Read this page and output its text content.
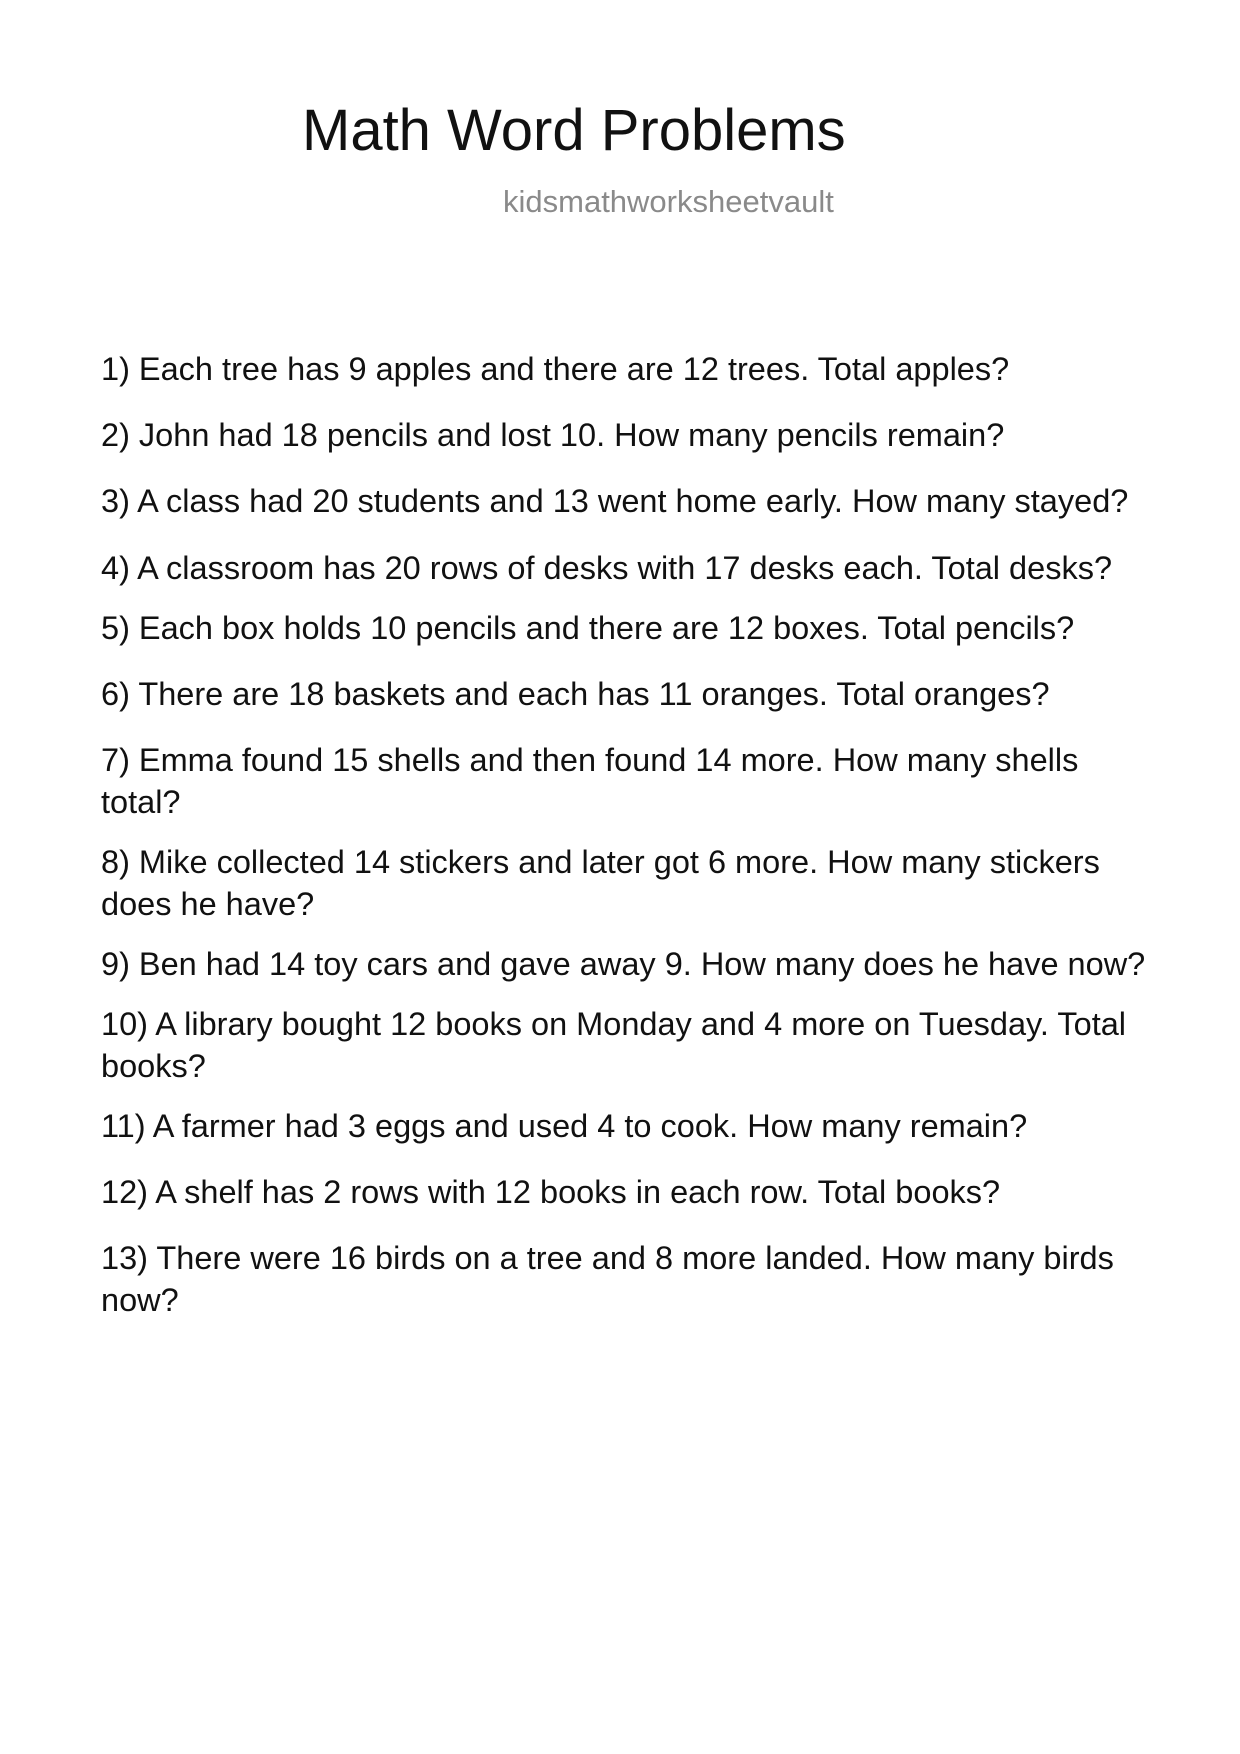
Math Word Problems
kidsmathworksheetvault
1) Each tree has 9 apples and there are 12 trees. Total apples?
2) John had 18 pencils and lost 10. How many pencils remain?
3) A class had 20 students and 13 went home early. How many stayed?
4) A classroom has 20 rows of desks with 17 desks each. Total desks?
5) Each box holds 10 pencils and there are 12 boxes. Total pencils?
6) There are 18 baskets and each has 11 oranges. Total oranges?
7) Emma found 15 shells and then found 14 more. How many shells total?
8) Mike collected 14 stickers and later got 6 more. How many stickers does he have?
9) Ben had 14 toy cars and gave away 9. How many does he have now?
10) A library bought 12 books on Monday and 4 more on Tuesday. Total books?
11) A farmer had 3 eggs and used 4 to cook. How many remain?
12) A shelf has 2 rows with 12 books in each row. Total books?
13) There were 16 birds on a tree and 8 more landed. How many birds now?
